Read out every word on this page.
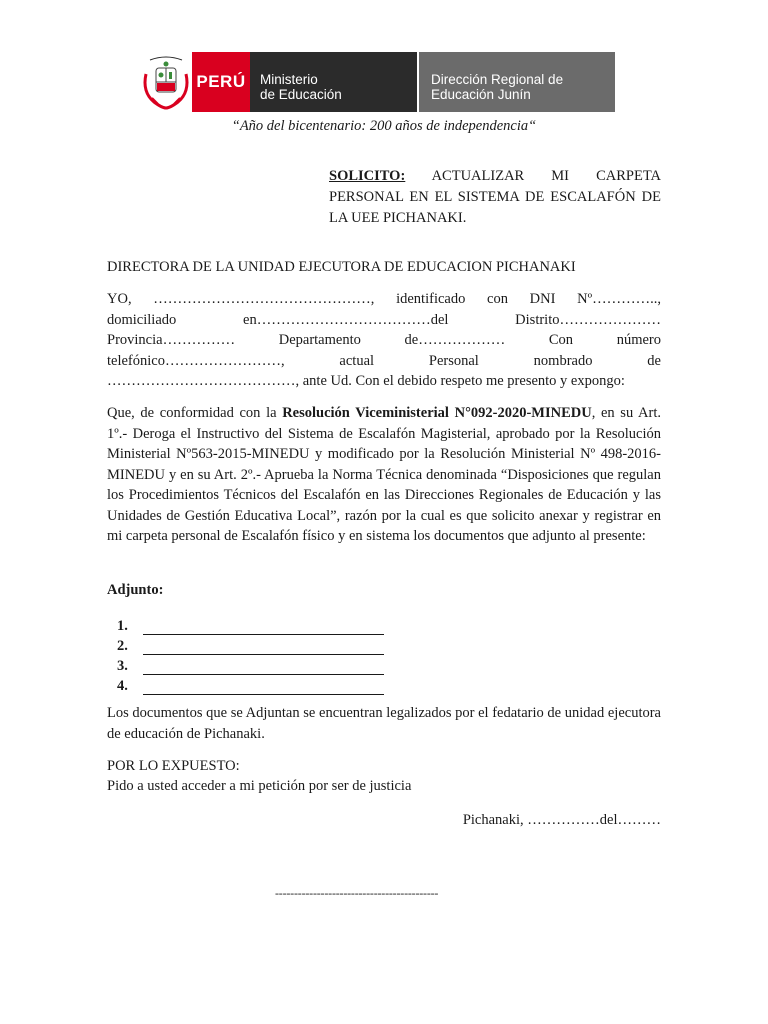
PERÚ	Ministerio
de Educación
Dirección Regional de
Educación Junín
“Año del bicentenario: 200 años de independencia“
SOLICITO: ACTUALIZAR MI CARPETA PERSONAL EN EL SISTEMA DE ESCALAFÓN DE LA UEE PICHANAKI.
DIRECTORA DE LA UNIDAD EJECUTORA DE EDUCACION PICHANAKI
YO, ………………………………………, identificado con DNI Nº…………..,
domiciliado en………………………………del Distrito…………………
Provincia…………… Departamento de……………… Con número
telefónico……………………, actual Personal nombrado de
…………………………………, ante Ud. Con el debido respeto me presento y expongo:
Que, de conformidad con la Resolución Viceministerial N°092-2020-MINEDU, en su Art. 1º.- Deroga el Instructivo del Sistema de Escalafón Magisterial, aprobado por la Resolución Ministerial Nº563-2015-MINEDU y modificado por la Resolución Ministerial Nº 498-2016-MINEDU y en su Art. 2º.- Aprueba la Norma Técnica denominada “Disposiciones que regulan los Procedimientos Técnicos del Escalafón en las Direcciones Regionales de Educación y las Unidades de Gestión Educativa Local”, razón por la cual es que solicito anexar y registrar en mi carpeta personal de Escalafón físico y en sistema los documentos que adjunto al presente:
Adjunto:
1.
2.
3.
4.
Los documentos que se Adjuntan se encuentran legalizados por el fedatario de unidad ejecutora de educación de Pichanaki.
POR LO EXPUESTO:
Pido a usted acceder a mi petición por ser de justicia
Pichanaki, ……………del………
-------------------------------------------
